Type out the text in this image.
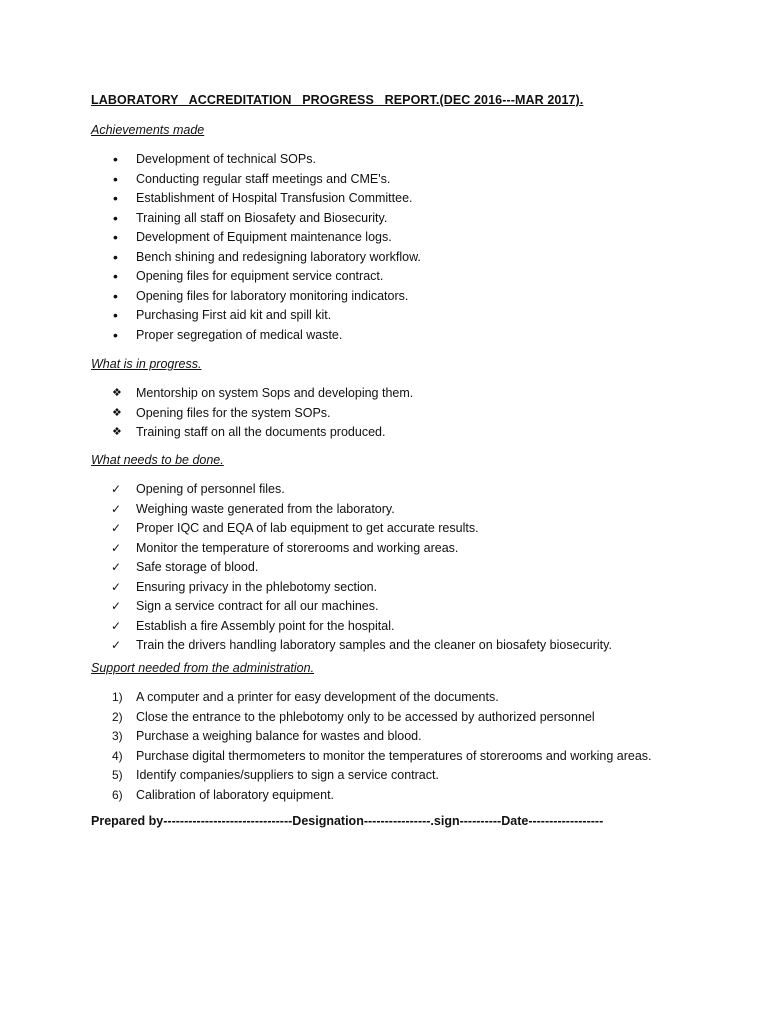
LABORATORY   ACCREDITATION   PROGRESS   REPORT.(DEC 2016---MAR 2017).
Achievements made
•	Development of technical SOPs.
•	Conducting regular staff meetings and CME's.
•	Establishment of Hospital Transfusion Committee.
•	Training all staff on Biosafety and Biosecurity.
•	Development of Equipment maintenance logs.
•	Bench shining and redesigning laboratory workflow.
•	Opening files for equipment service contract.
•	Opening files for laboratory monitoring indicators.
•	Purchasing First aid kit and spill kit.
•	Proper segregation of medical waste.
What is in progress.
❖	Mentorship on system Sops and developing them.
❖	Opening files for the system SOPs.
❖	Training staff on all the documents produced.
What needs to be done.
✓	Opening of personnel files.
✓	Weighing waste generated from the laboratory.
✓	Proper IQC and EQA of lab equipment to get accurate results.
✓	Monitor the temperature of storerooms and working areas.
✓	Safe storage of blood.
✓	Ensuring privacy in the phlebotomy section.
✓	Sign a service contract for all our machines.
✓	Establish a fire Assembly point for the hospital.
✓	Train the drivers handling laboratory samples and the cleaner on biosafety biosecurity.
Support needed from the administration.
1)	A computer and a printer for easy development of the documents.
2)	Close the entrance to the phlebotomy only to be accessed by authorized personnel
3)	Purchase a weighing balance for wastes and blood.
4)	Purchase digital thermometers to monitor the temperatures of storerooms and working areas.
5)	Identify companies/suppliers to sign a service contract.
6)	Calibration of laboratory equipment.
Prepared by-------------------------------Designation----------------.sign----------Date------------------
